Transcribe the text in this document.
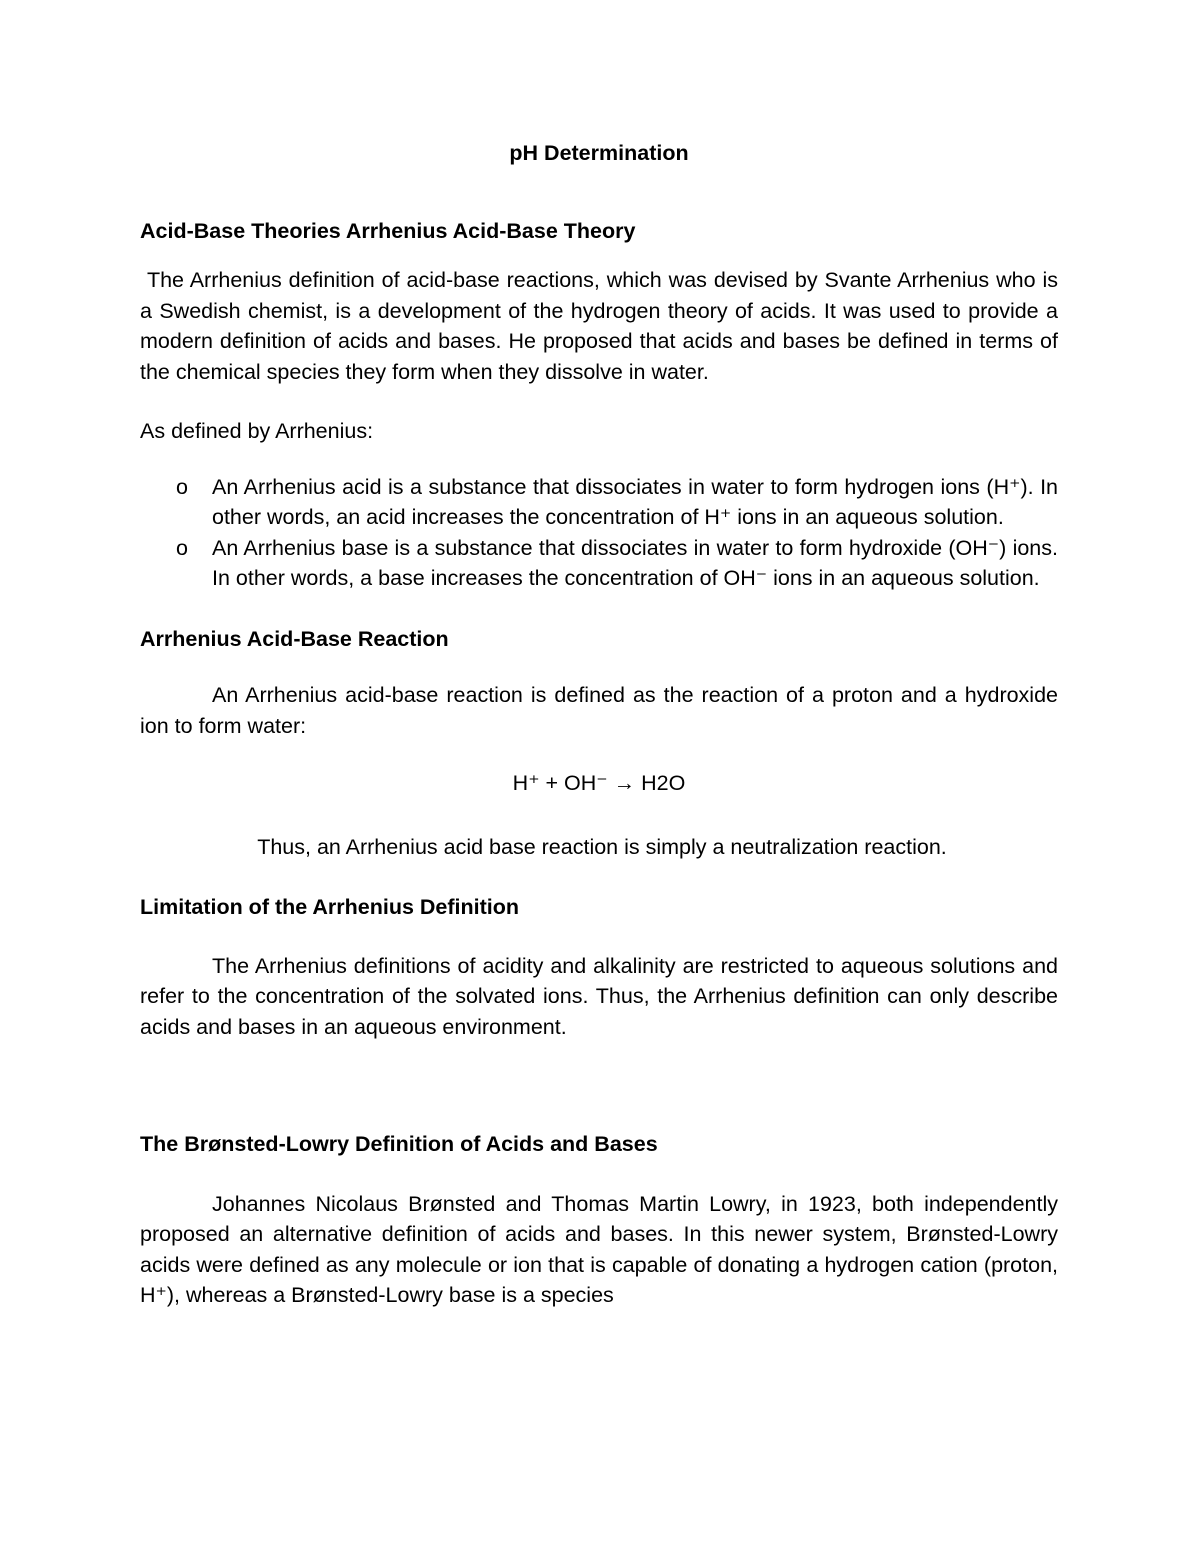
pH Determination

Acid-Base Theories Arrhenius Acid-Base Theory

The Arrhenius definition of acid-base reactions, which was devised by Svante Arrhenius who is a Swedish chemist, is a development of the hydrogen theory of acids. It was used to provide a modern definition of acids and bases. He proposed that acids and bases be defined in terms of the chemical species they form when they dissolve in water.

As defined by Arrhenius:

o An Arrhenius acid is a substance that dissociates in water to form hydrogen ions (H⁺). In other words, an acid increases the concentration of H⁺ ions in an aqueous solution.
o An Arrhenius base is a substance that dissociates in water to form hydroxide (OH⁻) ions. In other words, a base increases the concentration of OH⁻ ions in an aqueous solution.
Arrhenius Acid-Base Reaction

An Arrhenius acid-base reaction is defined as the reaction of a proton and a hydroxide ion to form water:

H⁺ + OH⁻ → H2O

Thus, an Arrhenius acid base reaction is simply a neutralization reaction.

Limitation of the Arrhenius Definition

The Arrhenius definitions of acidity and alkalinity are restricted to aqueous solutions and refer to the concentration of the solvated ions. Thus, the Arrhenius definition can only describe acids and bases in an aqueous environment.

The Brønsted-Lowry Definition of Acids and Bases

Johannes Nicolaus Brønsted and Thomas Martin Lowry, in 1923, both independently proposed an alternative definition of acids and bases. In this newer system, Brønsted-Lowry acids were defined as any molecule or ion that is capable of donating a hydrogen cation (proton, H⁺), whereas a Brønsted-Lowry base is a species
